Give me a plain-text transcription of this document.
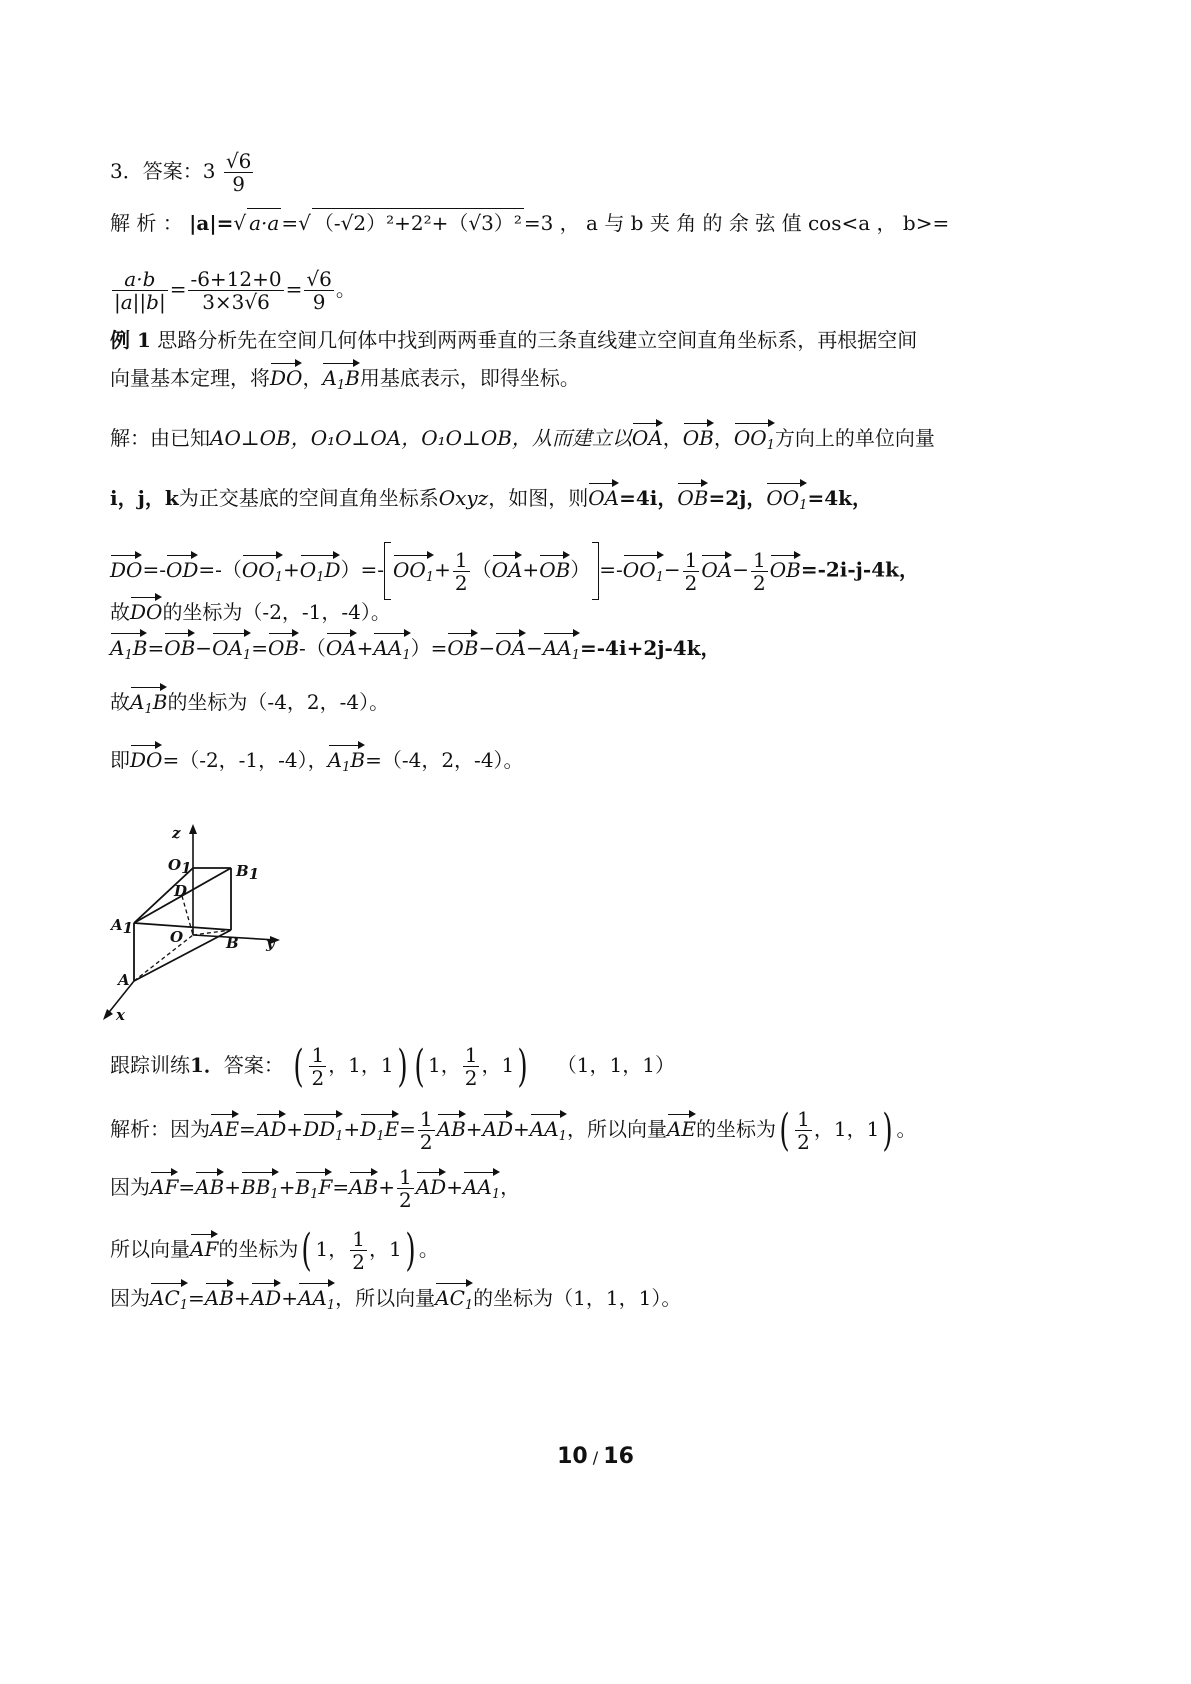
3．答案：$3 \frac{√6}{9}$
解 析 ： |a|=√ a·a =√ （-√2）²+2²+（√3）² =3 ， a 与 b 夹 角 的 余 弦 值 cos<a ， b>=
$\frac{a\cdot b}{|a||b|} = \frac{-6+12+0}{3\times 3√6} = \frac{√6}{9}$ 。
例 1 思路分析先在空间几何体中找到两两垂直的三条直线建立空间直角坐标系，再根据空间
向量基本定理，将DO，$A_1B$用基底表示，即得坐标。
解：由已知AO⊥OB，O₁O⊥OA，O₁O⊥OB，从而建立以OA，OB，$OO_1$方向上的单位向量
i，j，k为正交基底的空间直角坐标系Oxyz，如图，则OA=4i，OB=2j，$OO_1=4k$，
$DO=-OD=-(OO_1+O_1D)=-$ $OO_1+ \frac{1}{2} (OA+OB) =-OO_1- \frac{1}{2} OA- \frac{1}{2} OB=-2i-j-4k$，
故DO的坐标为（-2，-1，-4）。
$A_1B=OB-OA_1=OB-(OA+AA_1)=OB-OA-AA_1=-4i+2j-4k$，
故$A_1B$的坐标为（-4，2，-4）。
即DO=（-2，-1，-4），$A_1B=(-4$，2，-4）。
z
O1	B1
D
A1 O	B y
A
x
跟踪训练1．答案： ( $\frac{1}{2}$ ，1，1) ( 1， $\frac{1}{2}$ ，1) （1，1，1）
解析：因为$AE=AD+DD_1+D_1E= \frac{1}{2} AB+AD+AA_1$，所以向量AE的坐标为( $\frac{1}{2}$ ，1，1) 。
因为$AF=AB+BB_1+B_1F=AB+ \frac{1}{2} AD+AA_1$，
所以向量AF的坐标为( 1， $\frac{1}{2}$ ，1) 。
因为$AC_1=AB+AD+AA_1$，所以向量$AC_1$的坐标为（1，1，1）。
10 / 16
